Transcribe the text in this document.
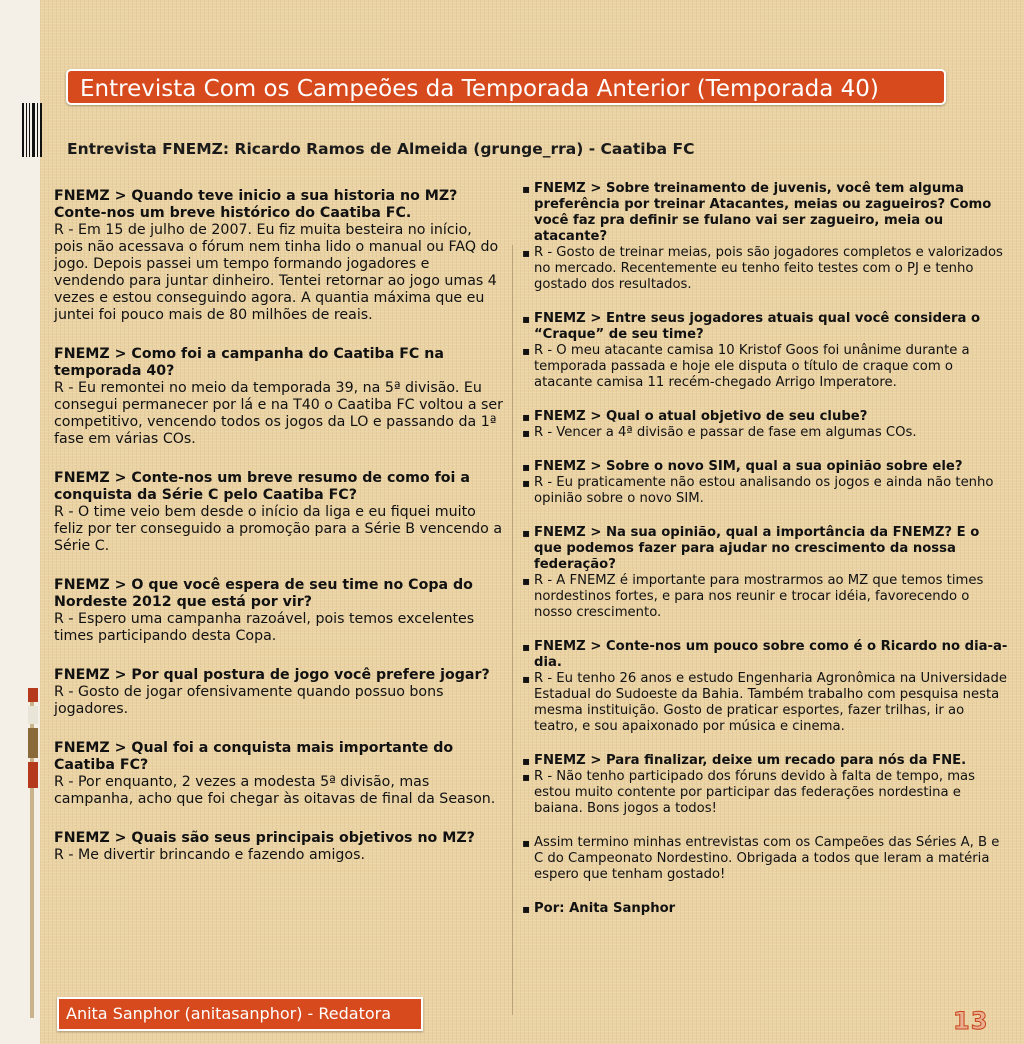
Entrevista Com os Campeões da Temporada Anterior (Temporada 40)
Entrevista FNEMZ: Ricardo Ramos de Almeida (grunge_rra) - Caatiba FC
FNEMZ > Quando teve inicio a sua historia no MZ? Conte-nos um breve histórico do Caatiba FC.
R - Em 15 de julho de 2007. Eu fiz muita besteira no início, pois não acessava o fórum nem tinha lido o manual ou FAQ do jogo. Depois passei um tempo formando jogadores e vendendo para juntar dinheiro. Tentei retornar ao jogo umas 4 vezes e estou conseguindo agora. A quantia máxima que eu juntei foi pouco mais de 80 milhões de reais.
FNEMZ > Como foi a campanha do Caatiba FC na temporada 40?
R - Eu remontei no meio da temporada 39, na 5ª divisão. Eu consegui permanecer por lá e na T40 o Caatiba FC voltou a ser competitivo, vencendo todos os jogos da LO e passando da 1ª fase em várias COs.
FNEMZ > Conte-nos um breve resumo de como foi a conquista da Série C pelo Caatiba FC?
R - O time veio bem desde o início da liga e eu fiquei muito feliz por ter conseguido a promoção para a Série B vencendo a Série C.
FNEMZ > O que você espera de seu time no Copa do Nordeste 2012 que está por vir?
R - Espero uma campanha razoável, pois temos excelentes times participando desta Copa.
FNEMZ > Por qual postura de jogo você prefere jogar?
R - Gosto de jogar ofensivamente quando possuo bons jogadores.
FNEMZ > Qual foi a conquista mais importante do Caatiba FC?
R - Por enquanto, 2 vezes a modesta 5ª divisão, mas campanha, acho que foi chegar às oitavas de final da Season.
FNEMZ > Quais são seus principais objetivos no MZ?
R - Me divertir brincando e fazendo amigos.
▪ FNEMZ > Sobre treinamento de juvenis, você tem alguma preferência por treinar Atacantes, meias ou zagueiros? Como você faz pra definir se fulano vai ser zagueiro, meia ou atacante?
▪ R - Gosto de treinar meias, pois são jogadores completos e valorizados no mercado. Recentemente eu tenho feito testes com o PJ e tenho gostado dos resultados.
▪ FNEMZ > Entre seus jogadores atuais qual você considera o “Craque” de seu time?
▪ R - O meu atacante camisa 10 Kristof Goos foi unânime durante a temporada passada e hoje ele disputa o título de craque com o atacante camisa 11 recém-chegado Arrigo Imperatore.
▪ FNEMZ > Qual o atual objetivo de seu clube?
▪ R - Vencer a 4ª divisão e passar de fase em algumas COs.
▪ FNEMZ > Sobre o novo SIM, qual a sua opinião sobre ele?
▪ R - Eu praticamente não estou analisando os jogos e ainda não tenho opinião sobre o novo SIM.
▪ FNEMZ > Na sua opinião, qual a importância da FNEMZ? E o que podemos fazer para ajudar no crescimento da nossa federação?
▪ R - A FNEMZ é importante para mostrarmos ao MZ que temos times nordestinos fortes, e para nos reunir e trocar idéia, favorecendo o nosso crescimento.
▪ FNEMZ > Conte-nos um pouco sobre como é o Ricardo no dia-a-dia.
▪ R - Eu tenho 26 anos e estudo Engenharia Agronômica na Universidade Estadual do Sudoeste da Bahia. Também trabalho com pesquisa nesta mesma instituição. Gosto de praticar esportes, fazer trilhas, ir ao teatro, e sou apaixonado por música e cinema.
▪ FNEMZ > Para finalizar, deixe um recado para nós da FNE.
▪ R - Não tenho participado dos fóruns devido à falta de tempo, mas estou muito contente por participar das federações nordestina e baiana. Bons jogos a todos!
▪ Assim termino minhas entrevistas com os Campeões das Séries A, B e C do Campeonato Nordestino. Obrigada a todos que leram a matéria espero que tenham gostado!
▪ Por: Anita Sanphor
Anita Sanphor (anitasanphor) - Redatora	13
